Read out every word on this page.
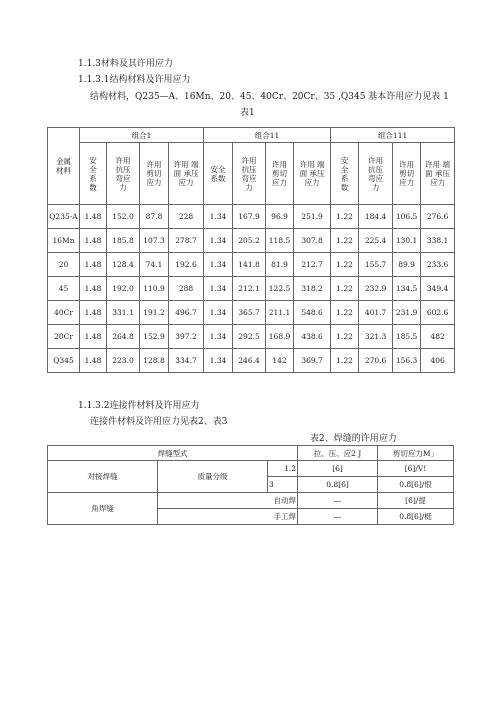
1.1.3材料及其许用应力
1.1.3.1结构材料及许用应力
结构材料，Q235—A、16Mn、20、45、40Cr、20Cr、35 ,Q345 基本许用应力见表 1
表1
金属材料	组合1				组合11				组合111			
	安全系数	许用抗压弯应力	许用剪切应力	许用 端面 承压应力	安全系数	许用抗压弯应力	许用剪切应力	许用 端面 承压应力	安全系数	许用抗压弯应力	许用剪切应力	许用 端面 承压应力
Q235-A	1.48	152.0	87.8	228	1.34	167.9	96.9	251.9	1.22	184.4	106.5	276.6
16Mn	1.48	185.8	107.3	278.7	1.34	205.2	118.5	307.8	1.22	225.4	130.1	338.1
20	1.48	128.4	74.1	192.6	1.34	141.8	81.9	212.7	1.22	155.7	89.9	233.6
45	1.48	192.0	110.9	288	1.34	212.1	122.5	318.2	1.22	232.9	134.5	349.4
40Cr	1.48	331.1	191.2	496.7	1.34	365.7	211.1	548.6	1.22	401.7	231.9	602.6
20Cr	1.48	264.8	152.9	397.2	1.34	292.5	168.9	438.6	1.22	321.3	185.5	482
Q345	1.48	223.0	128.8	334.7	1.34	246.4	142	369.7	1.22	270.6	156.3	406
1.1.3.2连接件材料及许用应力
连接件材料及许用应力见表2、表3
表2、焊缝的许用应力
焊缝型式			拉、压、应2 J	剪切应力M」
对接焊缝	质量分级	1.2	[6]	[6]/V!
		3	0.8[6]	0.8[6]/恨
角焊缝	自动焊		—	[6]/提
	手工焊		—	0.8[6]/梃
